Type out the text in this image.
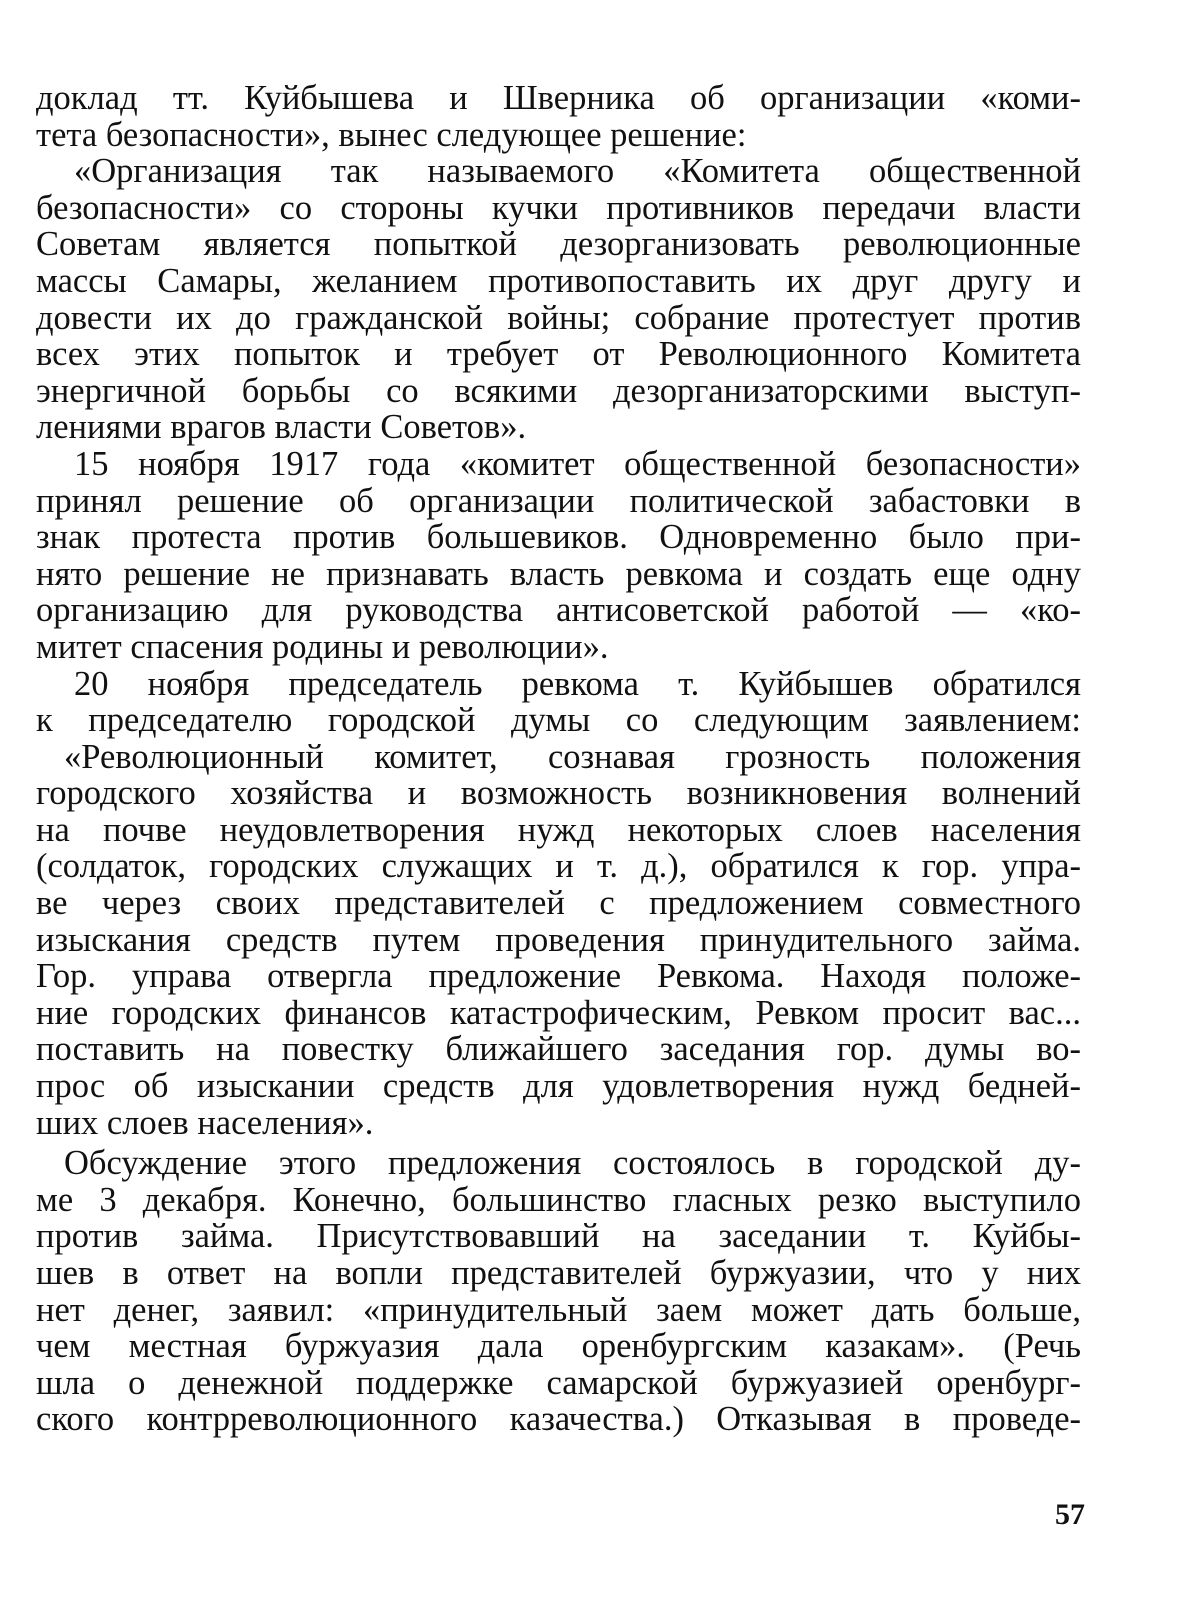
доклад тт. Куйбышева и Шверника об организации «коми-
тета безопасности», вынес следующее решение:
«Организация так называемого «Комитета общественной
безопасности» со стороны кучки противников передачи власти
Советам является попыткой дезорганизовать революционные
массы Самары, желанием противопоставить их друг другу и
довести их до гражданской войны; собрание протестует против
всех этих попыток и требует от Революционного Комитета
энергичной борьбы со всякими дезорганизаторскими выступ-
лениями врагов власти Советов».
15 ноября 1917 года «комитет общественной безопасности»
принял решение об организации политической забастовки в
знак протеста против большевиков. Одновременно было при-
нято решение не признавать власть ревкома и создать еще одну
организацию для руководства антисоветской работой — «ко-
митет спасения родины и революции».
20 ноября председатель ревкома т. Куйбышев обратился
к председателю городской думы со следующим заявлением:
«Революционный комитет, сознавая грозность положения
городского хозяйства и возможность возникновения волнений
на почве неудовлетворения нужд некоторых слоев населения
(солдаток, городских служащих и т. д.), обратился к гор. упра-
ве через своих представителей с предложением совместного
изыскания средств путем проведения принудительного займа.
Гор. управа отвергла предложение Ревкома. Находя положе-
ние городских финансов катастрофическим, Ревком просит вас...
поставить на повестку ближайшего заседания гор. думы во-
прос об изыскании средств для удовлетворения нужд бедней-
ших слоев населения».
Обсуждение этого предложения состоялось в городской ду-
ме 3 декабря. Конечно, большинство гласных резко выступило
против займа. Присутствовавший на заседании т. Куйбы-
шев в ответ на вопли представителей буржуазии, что у них
нет денег, заявил: «принудительный заем может дать больше,
чем местная буржуазия дала оренбургским казакам». (Речь
шла о денежной поддержке самарской буржуазией оренбург-
ского контрреволюционного казачества.) Отказывая в проведе-
57
